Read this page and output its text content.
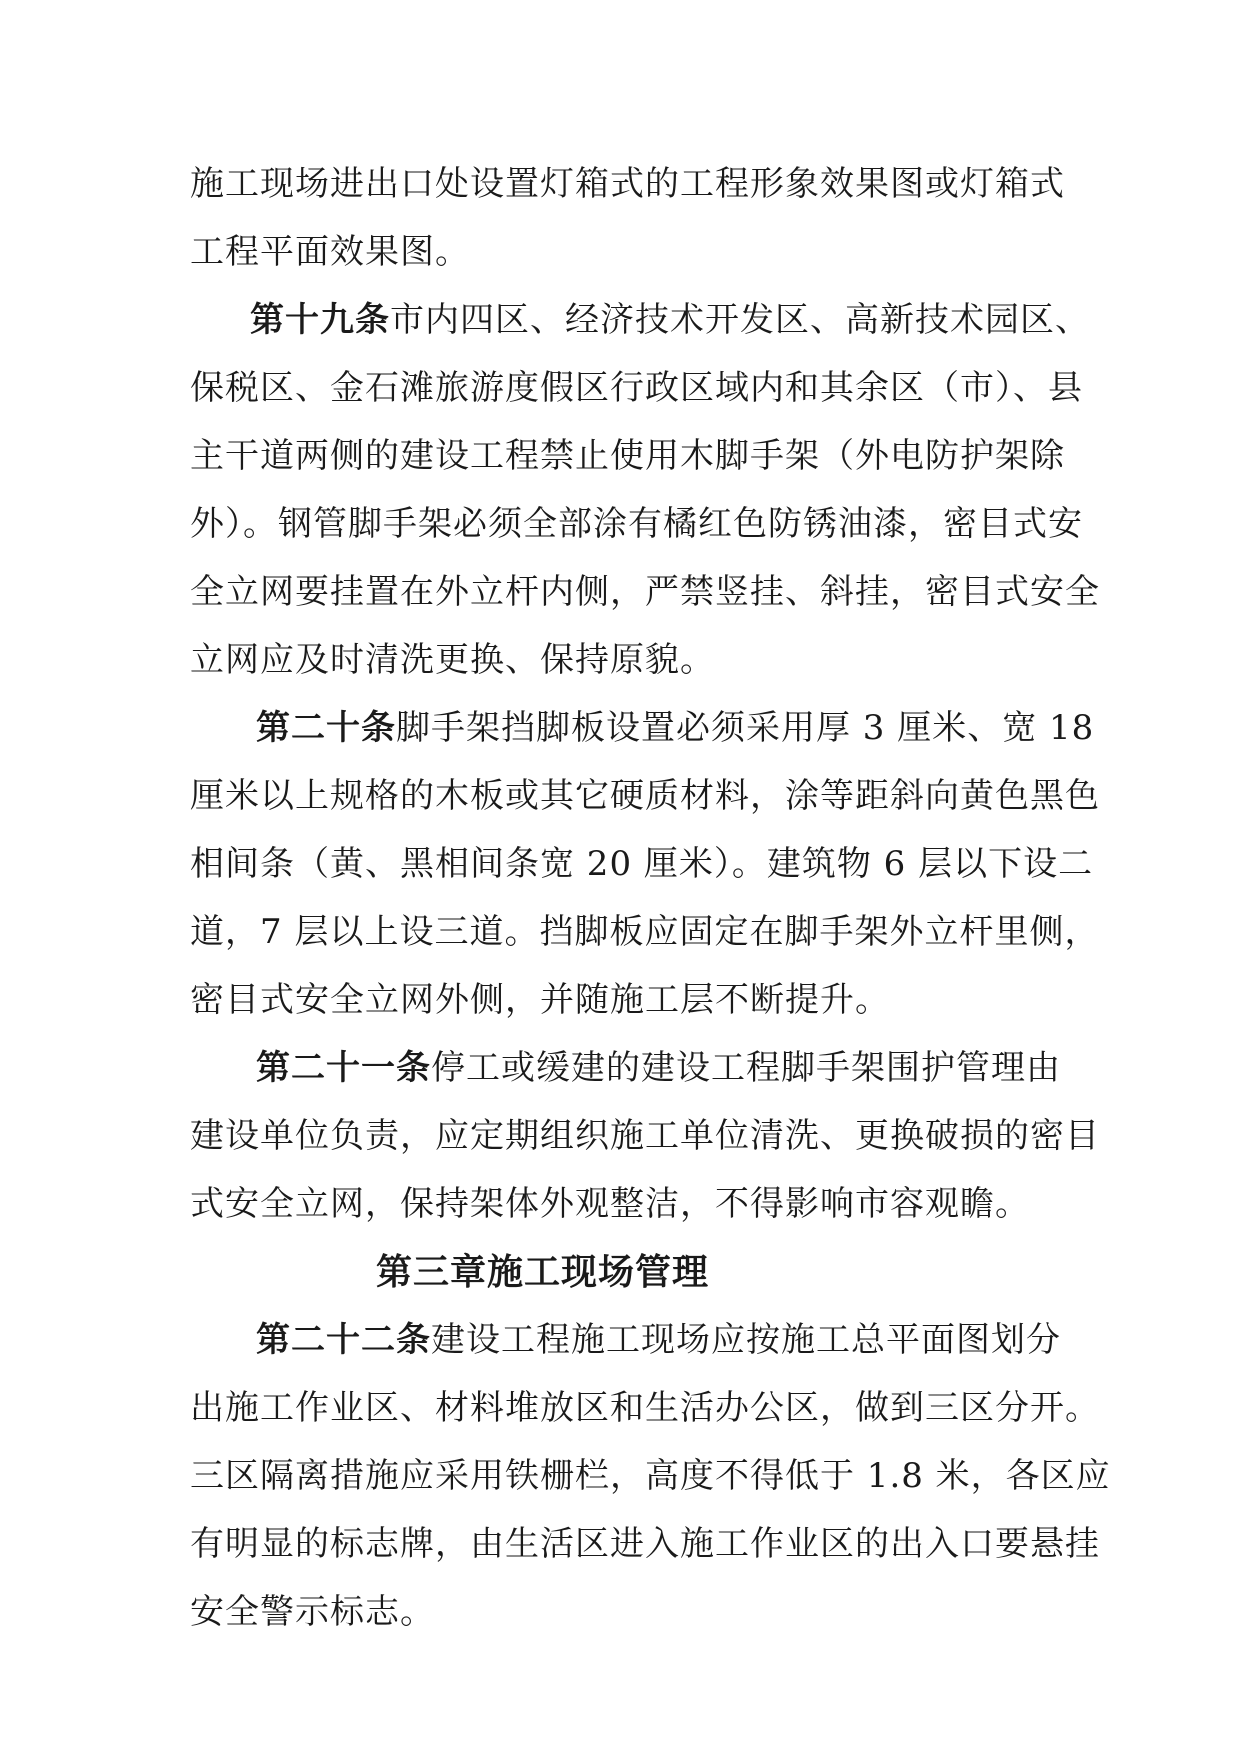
施工现场进出口处设置灯箱式的工程形象效果图或灯箱式
工程平面效果图。
第十九条市内四区、经济技术开发区、高新技术园区、
保税区、金石滩旅游度假区行政区域内和其余区（市）、县
主干道两侧的建设工程禁止使用木脚手架（外电防护架除
外）。钢管脚手架必须全部涂有橘红色防锈油漆，密目式安
全立网要挂置在外立杆内侧，严禁竖挂、斜挂，密目式安全
立网应及时清洗更换、保持原貌。
第二十条脚手架挡脚板设置必须采用厚 3 厘米、宽 18
厘米以上规格的木板或其它硬质材料，涂等距斜向黄色黑色
相间条（黄、黑相间条宽 20 厘米）。建筑物 6 层以下设二
道，7 层以上设三道。挡脚板应固定在脚手架外立杆里侧，
密目式安全立网外侧，并随施工层不断提升。
第二十一条停工或缓建的建设工程脚手架围护管理由
建设单位负责，应定期组织施工单位清洗、更换破损的密目
式安全立网，保持架体外观整洁，不得影响市容观瞻。
第三章施工现场管理
第二十二条建设工程施工现场应按施工总平面图划分
出施工作业区、材料堆放区和生活办公区，做到三区分开。
三区隔离措施应采用铁栅栏，高度不得低于 1.8 米，各区应
有明显的标志牌，由生活区进入施工作业区的出入口要悬挂
安全警示标志。
